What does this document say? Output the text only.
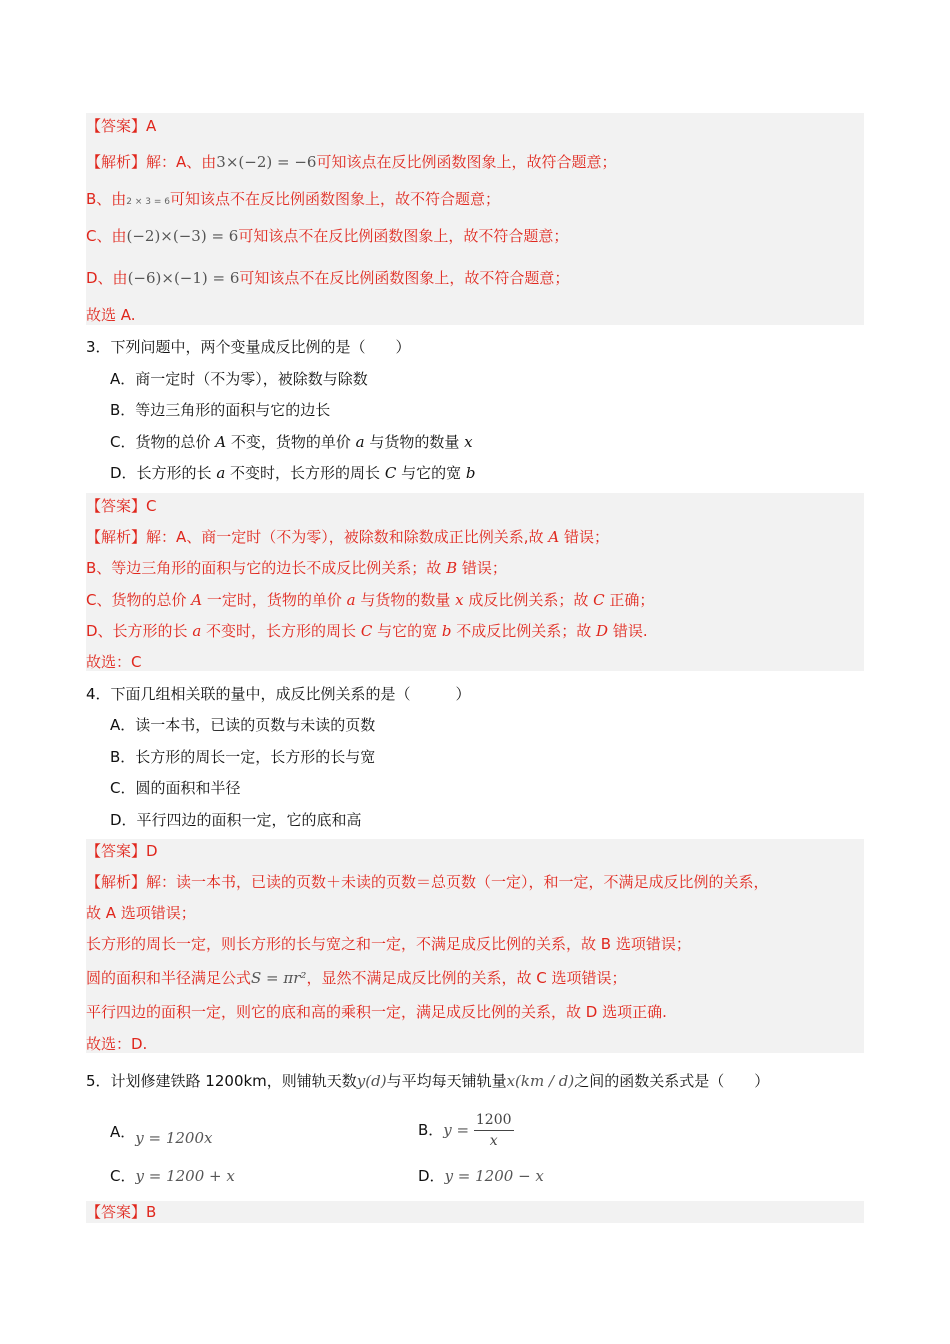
【答案】A
【解析】解：A、由3×(−2) = −6可知该点在反比例函数图象上，故符合题意；
B、由2 × 3 = 6可知该点不在反比例函数图象上，故不符合题意；
C、由(−2)×(−3) = 6可知该点不在反比例函数图象上，故不符合题意；
D、由(−6)×(−1) = 6可知该点不在反比例函数图象上，故不符合题意；
故选 A.
3．下列问题中，两个变量成反比例的是（　　）
A．商一定时（不为零），被除数与除数
B．等边三角形的面积与它的边长
C．货物的总价 A 不变，货物的单价 a 与货物的数量 x
D．长方形的长 a 不变时，长方形的周长 C 与它的宽 b
【答案】C
【解析】解：A、商一定时（不为零），被除数和除数成正比例关系,故 A 错误；
B、等边三角形的面积与它的边长不成反比例关系；故 B 错误；
C、货物的总价 A 一定时，货物的单价 a 与货物的数量 x 成反比例关系；故 C 正确；
D、长方形的长 a 不变时，长方形的周长 C 与它的宽 b 不成反比例关系；故 D 错误.
故选：C
4．下面几组相关联的量中，成反比例关系的是（　　　）
A．读一本书，已读的页数与未读的页数
B．长方形的周长一定，长方形的长与宽
C．圆的面积和半径
D．平行四边的面积一定，它的底和高
【答案】D
【解析】解：读一本书，已读的页数＋未读的页数＝总页数（一定），和一定，不满足成反比例的关系，
故 A 选项错误；
长方形的周长一定，则长方形的长与宽之和一定，不满足成反比例的关系，故 B 选项错误；
圆的面积和半径满足公式S = πr²，显然不满足成反比例的关系，故 C 选项错误；
平行四边的面积一定，则它的底和高的乘积一定，满足成反比例的关系，故 D 选项正确.
故选：D.
5．计划修建铁路 1200km，则铺轨天数y(d)与平均每天铺轨量x(km / d)之间的函数关系式是（　　）
A．y = 1200x	B．$y = \frac{1200}{x}$
C．y = 1200 + x	D．y = 1200 − x
【答案】B
